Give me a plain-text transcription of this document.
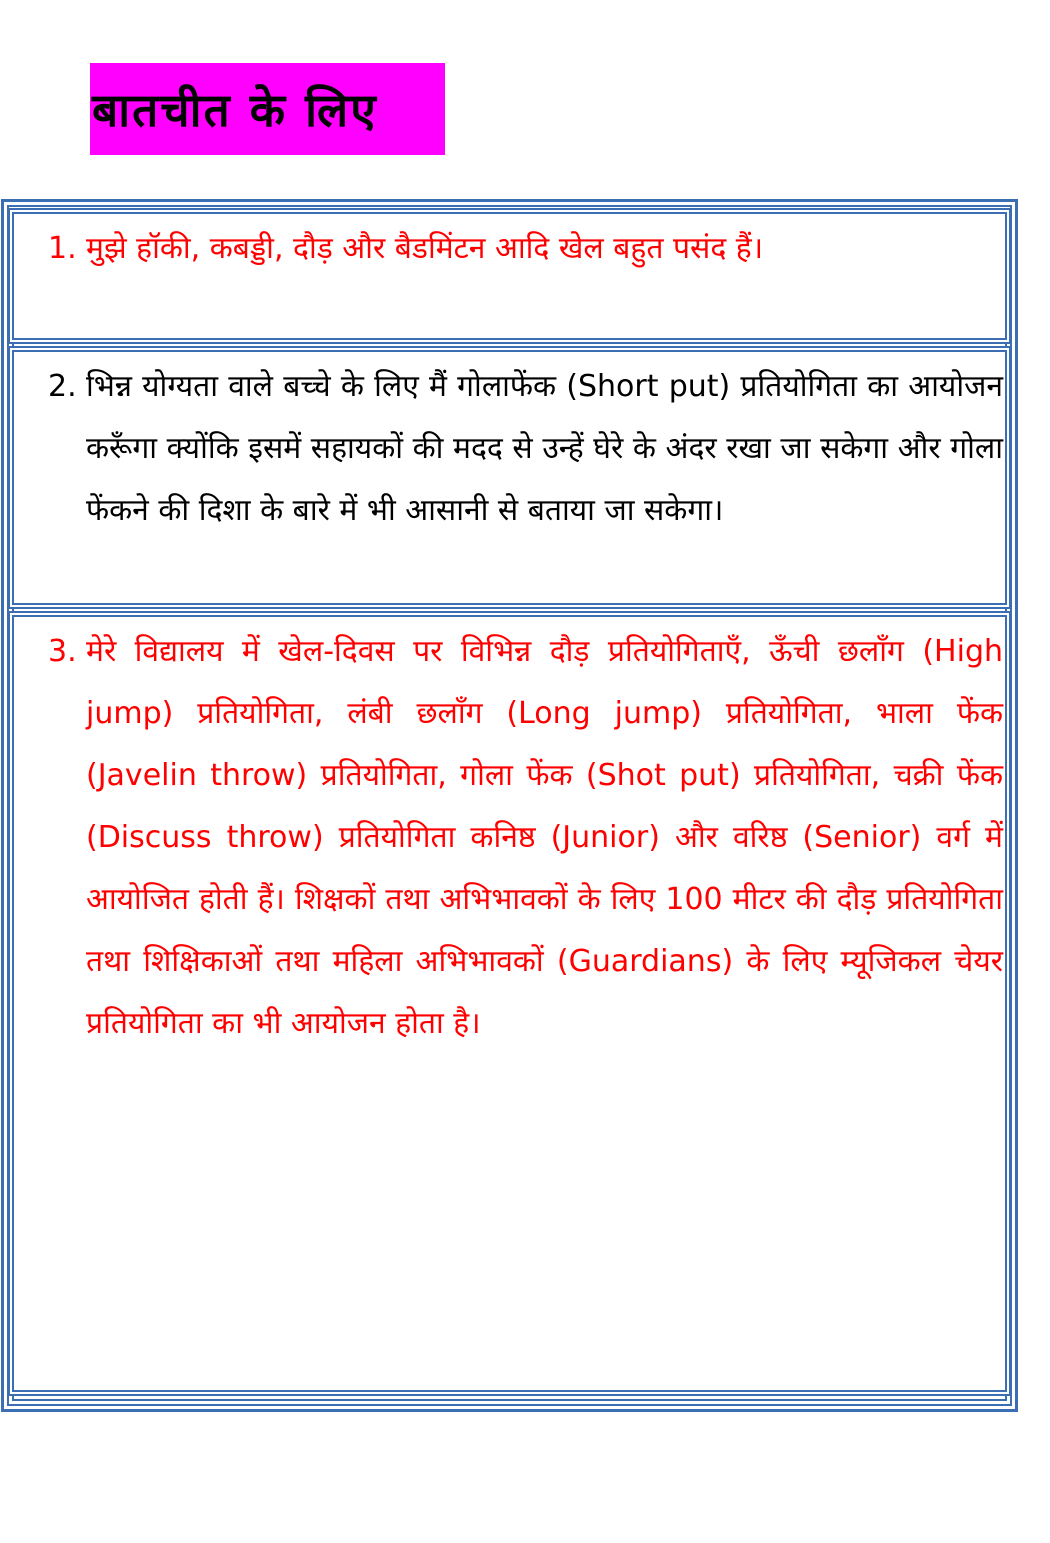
बातचीत के लिए
1. मुझे हॉकी, कबड्डी, दौड़ और बैडमिंटन आदि खेल बहुत पसंद हैं।
2. भिन्न योग्यता वाले बच्चे के लिए मैं गोलाफेंक (Short put) प्रतियोगिता का आयोजन करूँगा क्योंकि इसमें सहायकों की मदद से उन्हें घेरे के अंदर रखा जा सकेगा और गोला फेंकने की दिशा के बारे में भी आसानी से बताया जा सकेगा।
3. मेरे विद्यालय में खेल-दिवस पर विभिन्न दौड़ प्रतियोगिताएँ, ऊँची छलाँग (High jump) प्रतियोगिता, लंबी छलाँग (Long jump) प्रतियोगिता, भाला फेंक (Javelin throw) प्रतियोगिता, गोला फेंक (Shot put) प्रतियोगिता, चक्री फेंक (Discuss throw) प्रतियोगिता कनिष्ठ (Junior) और वरिष्ठ (Senior) वर्ग में आयोजित होती हैं। शिक्षकों तथा अभिभावकों के लिए 100 मीटर की दौड़ प्रतियोगिता तथा शिक्षिकाओं तथा महिला अभिभावकों (Guardians) के लिए म्यूजिकल चेयर प्रतियोगिता का भी आयोजन होता है।
